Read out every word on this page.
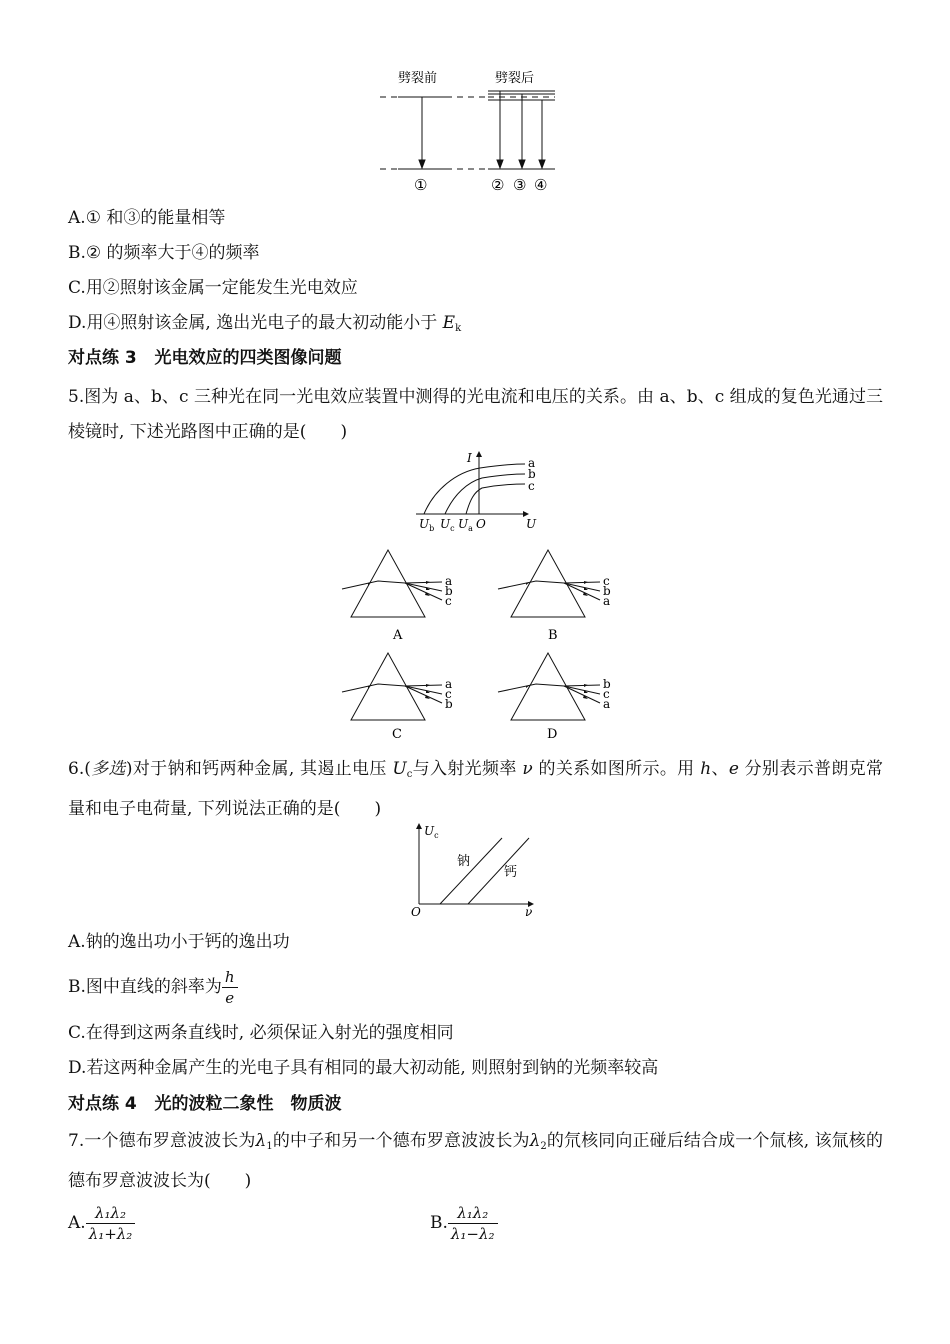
劈裂前	劈裂后
①	② ③ ④
A.① 和③的能量相等
B.② 的频率大于④的频率
C.用②照射该金属一定能发生光电效应
D.用④照射该金属, 逸出光电子的最大初动能小于 $E_k$
对点练 3 光电效应的四类图像问题
5.图为 a、b、c 三种光在同一光电效应装置中测得的光电流和电压的关系。由 a、b、c 组成的复色光通过三棱镜时, 下述光路图中正确的是(　　)
I
U
O
a
b
c
$U_b$ $U_c$ $U_a$
a
b
c
A
c
b
a
B
a
c
b
C
b
c
a
D
6.(多选)对于钠和钙两种金属, 其遏止电压 $U_c$与入射光频率 ν 的关系如图所示。用 h、e 分别表示普朗克常量和电子电荷量, 下列说法正确的是(　　)
$U_c$
ν
O
钠
钙
A.钠的逸出功小于钙的逸出功
B.图中直线的斜率为 $\frac{h}{e}$
C.在得到这两条直线时, 必须保证入射光的强度相同
D.若这两种金属产生的光电子具有相同的最大初动能, 则照射到钠的光频率较高
对点练 4 光的波粒二象性　物质波
7.一个德布罗意波波长为$\lambda_1$的中子和另一个德布罗意波波长为$\lambda_2$的氘核同向正碰后结合成一个氚核, 该氚核的德布罗意波波长为(　　)
A. $\frac{\text{λ₁λ₂}}{\text{λ₁+λ₂}}$	B. $\frac{\text{λ₁λ₂}}{\text{λ₁−λ₂}}$
